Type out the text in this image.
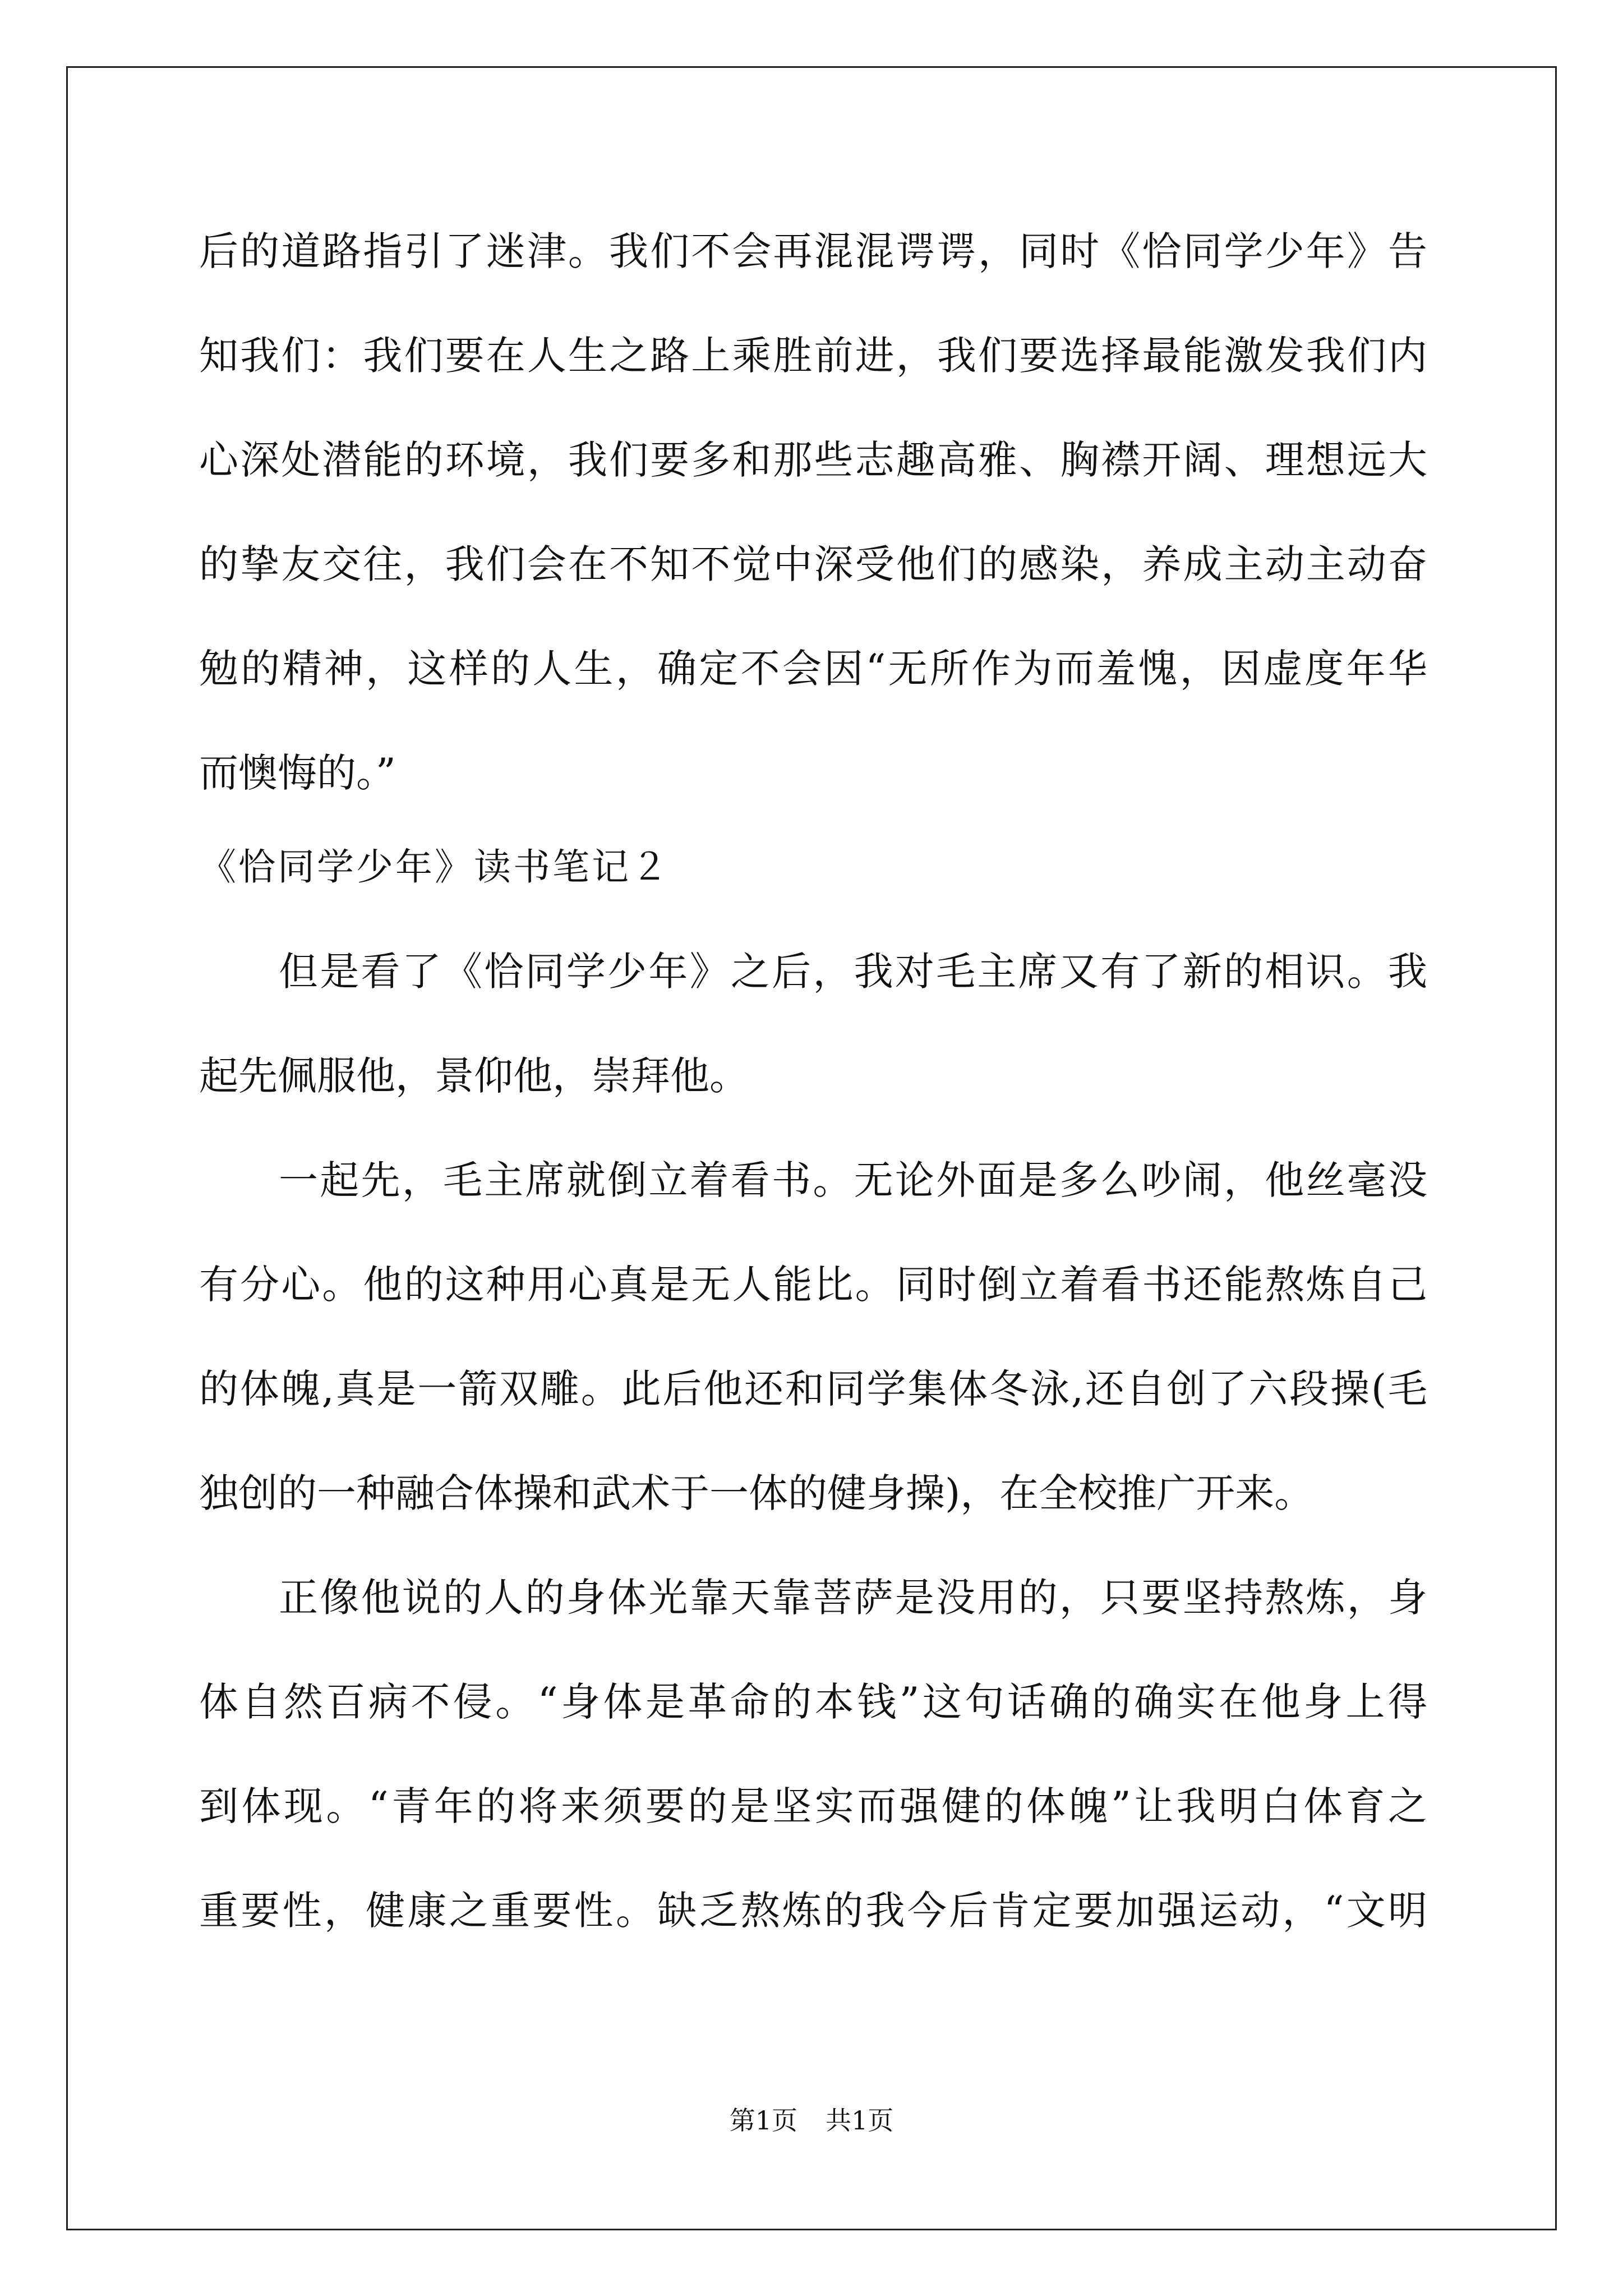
后的道路指引了迷津。我们不会再混混谔谔，同时《恰同学少年》告
知我们：我们要在人生之路上乘胜前进，我们要选择最能激发我们内
心深处潜能的环境，我们要多和那些志趣高雅、胸襟开阔、理想远大
的挚友交往，我们会在不知不觉中深受他们的感染，养成主动主动奋
勉的精神，这样的人生，确定不会因“无所作为而羞愧，因虚度年华
而懊悔的。”
《恰同学少年》读书笔记２
但是看了《恰同学少年》之后，我对毛主席又有了新的相识。我
起先佩服他，景仰他，崇拜他。
一起先，毛主席就倒立着看书。无论外面是多么吵闹，他丝毫没
有分心。他的这种用心真是无人能比。同时倒立着看书还能熬炼自己
的体魄,真是一箭双雕。此后他还和同学集体冬泳,还自创了六段操(毛
独创的一种融合体操和武术于一体的健身操)，在全校推广开来。
正像他说的人的身体光靠天靠菩萨是没用的，只要坚持熬炼，身
体自然百病不侵。“身体是革命的本钱”这句话确的确实在他身上得
到体现。“青年的将来须要的是坚实而强健的体魄”让我明白体育之
重要性，健康之重要性。缺乏熬炼的我今后肯定要加强运动，“文明
第1页 共1页
